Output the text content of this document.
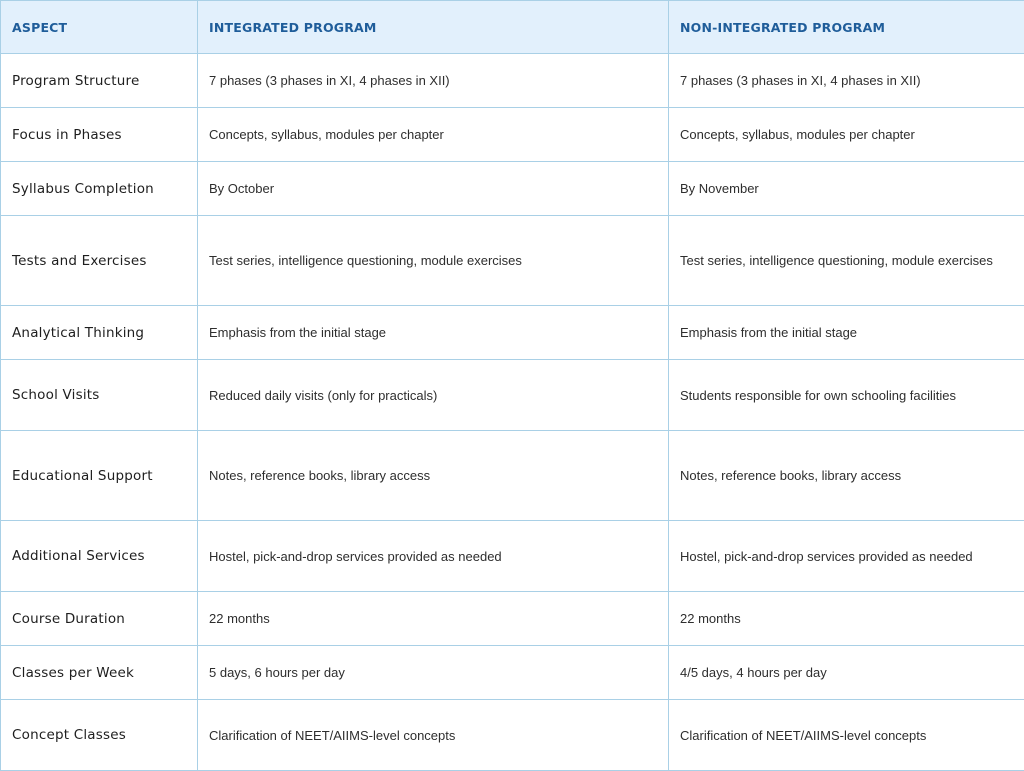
ASPECT	INTEGRATED PROGRAM	NON-INTEGRATED PROGRAM
Program Structure	7 phases (3 phases in XI, 4 phases in XII)	7 phases (3 phases in XI, 4 phases in XII)
Focus in Phases	Concepts, syllabus, modules per chapter	Concepts, syllabus, modules per chapter
Syllabus Completion	By October	By November
Tests and Exercises	Test series, intelligence questioning, module exercises	Test series, intelligence questioning, module exercises
Analytical Thinking	Emphasis from the initial stage	Emphasis from the initial stage
School Visits	Reduced daily visits (only for practicals)	Students responsible for own schooling facilities
Educational Support	Notes, reference books, library access	Notes, reference books, library access
Additional Services	Hostel, pick-and-drop services provided as needed	Hostel, pick-and-drop services provided as needed
Course Duration	22 months	22 months
Classes per Week	5 days, 6 hours per day	4/5 days, 4 hours per day
Concept Classes	Clarification of NEET/AIIMS-level concepts	Clarification of NEET/AIIMS-level concepts
